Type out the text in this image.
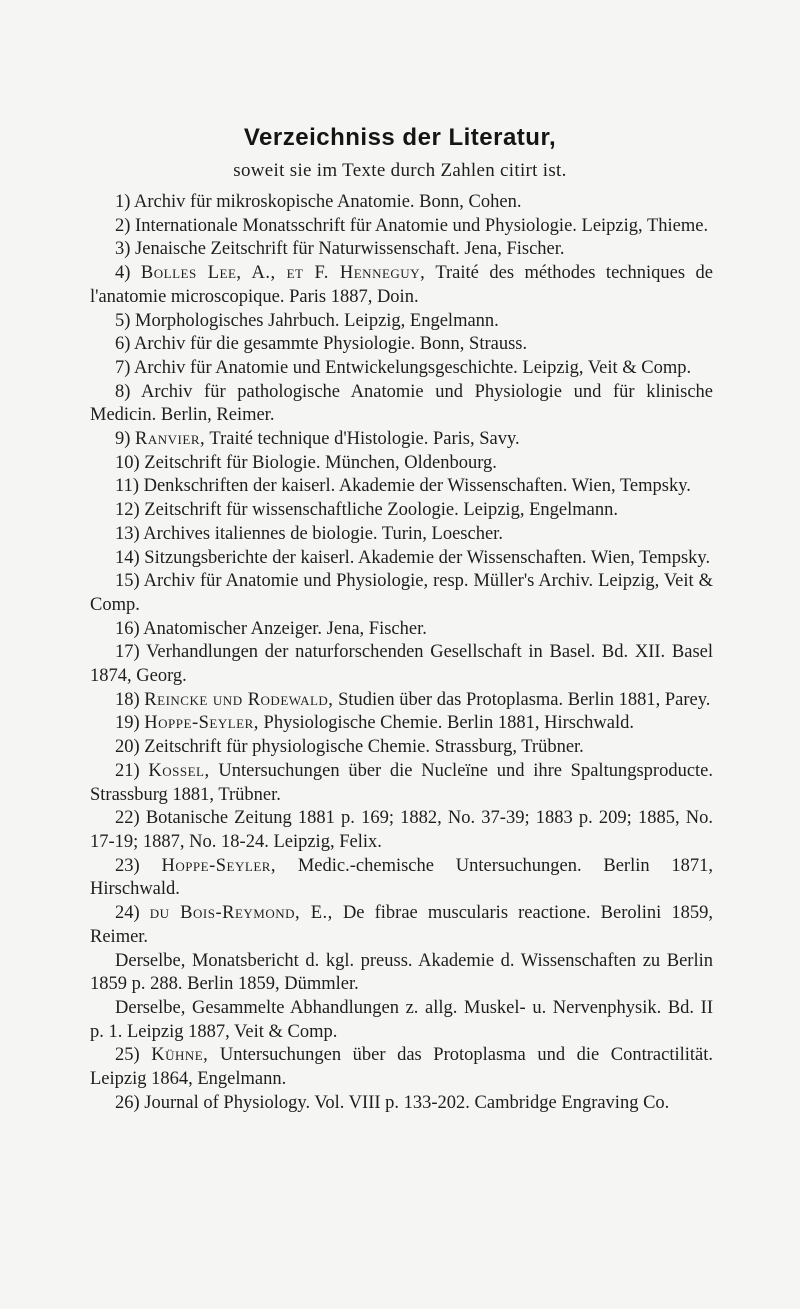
Verzeichniss der Literatur,
soweit sie im Texte durch Zahlen citirt ist.

1) Archiv für mikroskopische Anatomie. Bonn, Cohen.

2) Internationale Monatsschrift für Anatomie und Physiologie. Leipzig, Thieme.

3) Jenaische Zeitschrift für Naturwissenschaft. Jena, Fischer.

4) Bolles Lee, A., et F. Henneguy, Traité des méthodes techniques de l'anatomie microscopique. Paris 1887, Doin.

5) Morphologisches Jahrbuch. Leipzig, Engelmann.

6) Archiv für die gesammte Physiologie. Bonn, Strauss.

7) Archiv für Anatomie und Entwickelungsgeschichte. Leipzig, Veit & Comp.

8) Archiv für pathologische Anatomie und Physiologie und für klinische Medicin. Berlin, Reimer.

9) Ranvier, Traité technique d'Histologie. Paris, Savy.

10) Zeitschrift für Biologie. München, Oldenbourg.

11) Denkschriften der kaiserl. Akademie der Wissenschaften. Wien, Tempsky.

12) Zeitschrift für wissenschaftliche Zoologie. Leipzig, Engelmann.

13) Archives italiennes de biologie. Turin, Loescher.

14) Sitzungsberichte der kaiserl. Akademie der Wissenschaften. Wien, Tempsky.

15) Archiv für Anatomie und Physiologie, resp. Müller's Archiv. Leipzig, Veit & Comp.

16) Anatomischer Anzeiger. Jena, Fischer.

17) Verhandlungen der naturforschenden Gesellschaft in Basel. Bd. XII. Basel 1874, Georg.

18) Reincke und Rodewald, Studien über das Protoplasma. Berlin 1881, Parey.

19) Hoppe-Seyler, Physiologische Chemie. Berlin 1881, Hirschwald.

20) Zeitschrift für physiologische Chemie. Strassburg, Trübner.

21) Kossel, Untersuchungen über die Nucleïne und ihre Spaltungsproducte. Strassburg 1881, Trübner.

22) Botanische Zeitung 1881 p. 169; 1882, No. 37-39; 1883 p. 209; 1885, No. 17-19; 1887, No. 18-24. Leipzig, Felix.

23) Hoppe-Seyler, Medic.-chemische Untersuchungen. Berlin 1871, Hirschwald.

24) du Bois-Reymond, E., De fibrae muscularis reactione. Berolini 1859, Reimer.

Derselbe, Monatsbericht d. kgl. preuss. Akademie d. Wissenschaften zu Berlin 1859 p. 288. Berlin 1859, Dümmler.

Derselbe, Gesammelte Abhandlungen z. allg. Muskel- u. Nervenphysik. Bd. II p. 1. Leipzig 1887, Veit & Comp.

25) Kühne, Untersuchungen über das Protoplasma und die Contractilität. Leipzig 1864, Engelmann.

26) Journal of Physiology. Vol. VIII p. 133-202. Cambridge Engraving Co.
